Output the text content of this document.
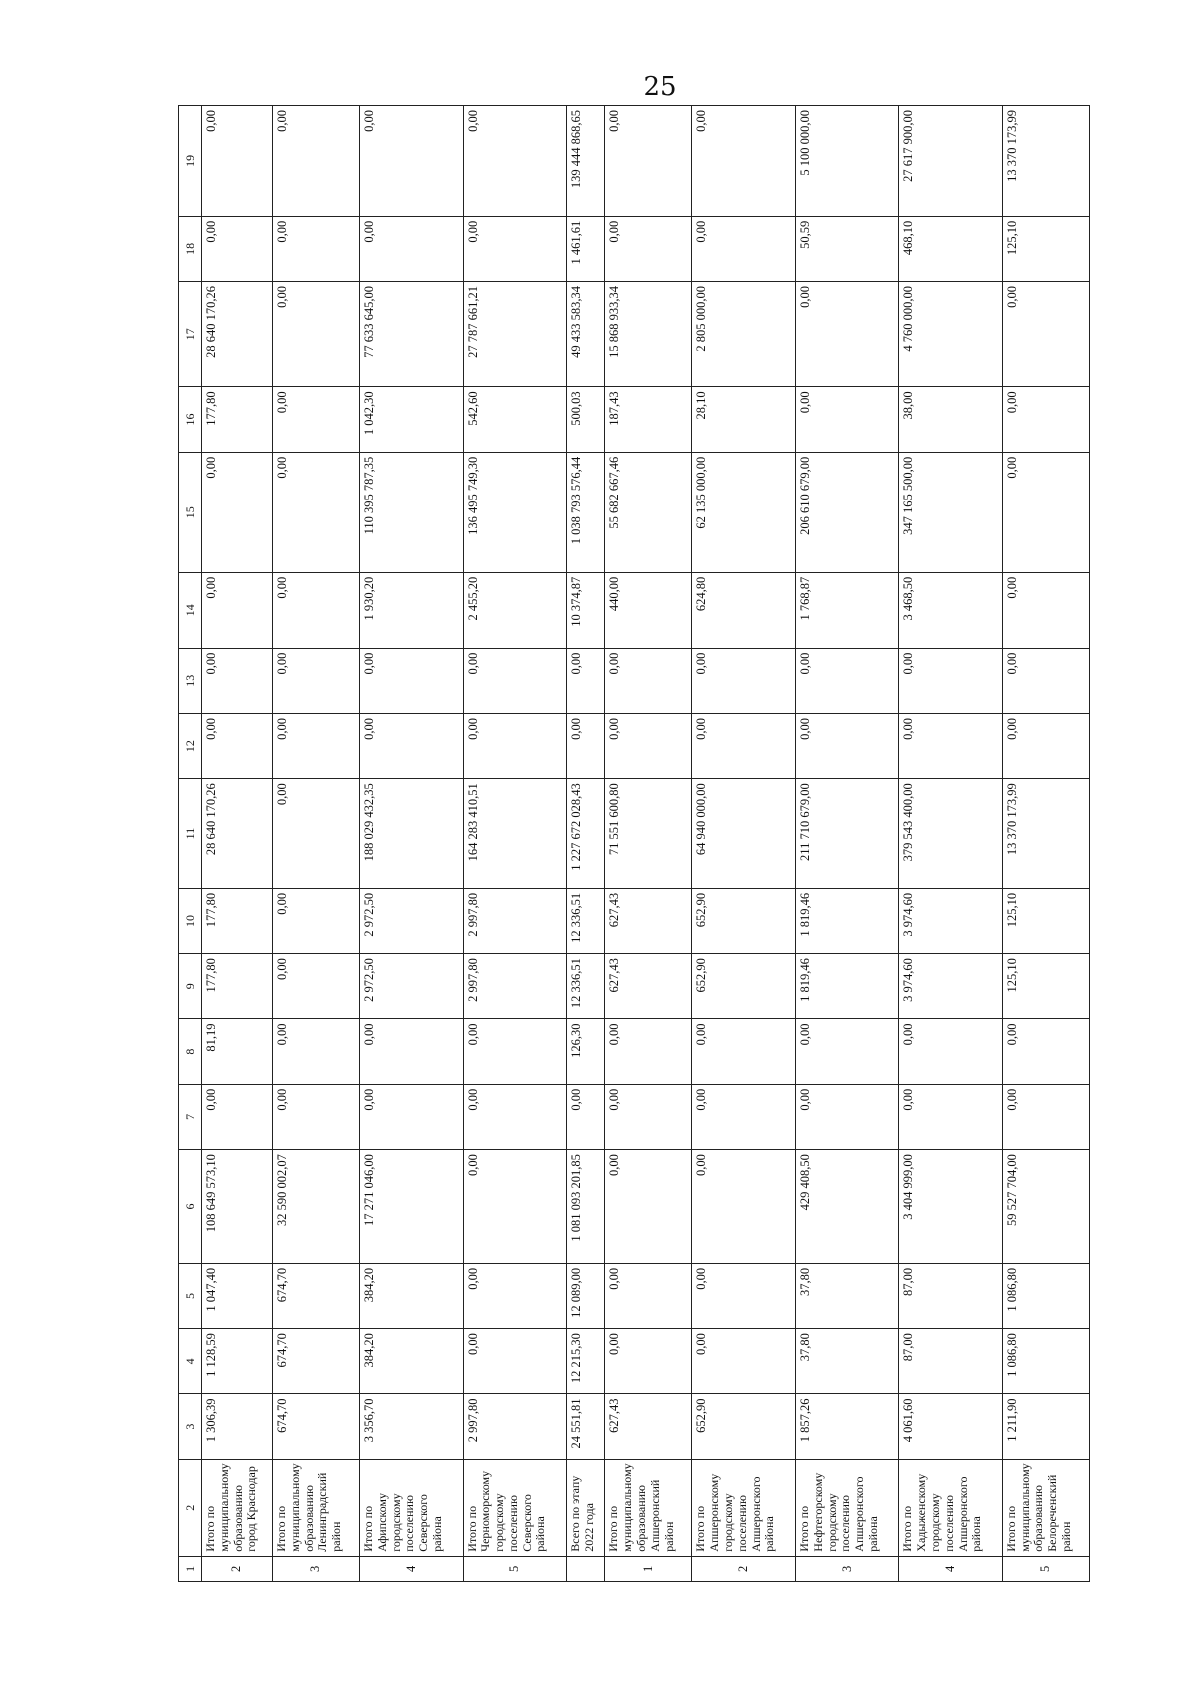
25
1	2	3	4	5	6	7	8	9	10	11	12	13	14	15	16	17	18	19
2	Итого по муниципальному образованию город Краснодар	1 306,39	1 128,59	1 047,40	108 649 573,10	0,00	81,19	177,80	177,80	28 640 170,26	0,00	0,00	0,00	0,00	177,80	28 640 170,26	0,00	0,00
3	Итого по муниципальному образованию Ленинградский район	674,70	674,70	674,70	32 590 002,07	0,00	0,00	0,00	0,00	0,00	0,00	0,00	0,00	0,00	0,00	0,00	0,00	0,00
4	Итого по Афипскому городскому поселению Северского района	3 356,70	384,20	384,20	17 271 046,00	0,00	0,00	2 972,50	2 972,50	188 029 432,35	0,00	0,00	1 930,20	110 395 787,35	1 042,30	77 633 645,00	0,00	0,00
5	Итого по Черноморскому городскому поселению Северского района	2 997,80	0,00	0,00	0,00	0,00	0,00	2 997,80	2 997,80	164 283 410,51	0,00	0,00	2 455,20	136 495 749,30	542,60	27 787 661,21	0,00	0,00
	Всего по этапу 2022 года	24 551,81	12 215,30	12 089,00	1 081 093 201,85	0,00	126,30	12 336,51	12 336,51	1 227 672 028,43	0,00	0,00	10 374,87	1 038 793 576,44	500,03	49 433 583,34	1 461,61	139 444 868,65
1	Итого по муниципальному образованию Апшеронский район	627,43	0,00	0,00	0,00	0,00	0,00	627,43	627,43	71 551 600,80	0,00	0,00	440,00	55 682 667,46	187,43	15 868 933,34	0,00	0,00
2	Итого по Апшеронскому городскому поселению Апшеронского района	652,90	0,00	0,00	0,00	0,00	0,00	652,90	652,90	64 940 000,00	0,00	0,00	624,80	62 135 000,00	28,10	2 805 000,00	0,00	0,00
3	Итого по Нефтегорскому городскому поселению Апшеронского района	1 857,26	37,80	37,80	429 408,50	0,00	0,00	1 819,46	1 819,46	211 710 679,00	0,00	0,00	1 768,87	206 610 679,00	0,00	0,00	50,59	5 100 000,00
4	Итого по Хадыженскому городскому поселению Апшеронского района	4 061,60	87,00	87,00	3 404 999,00	0,00	0,00	3 974,60	3 974,60	379 543 400,00	0,00	0,00	3 468,50	347 165 500,00	38,00	4 760 000,00	468,10	27 617 900,00
5	Итого по муниципальному образованию Белореченский район	1 211,90	1 086,80	1 086,80	59 527 704,00	0,00	0,00	125,10	125,10	13 370 173,99	0,00	0,00	0,00	0,00	0,00	0,00	125,10	13 370 173,99
